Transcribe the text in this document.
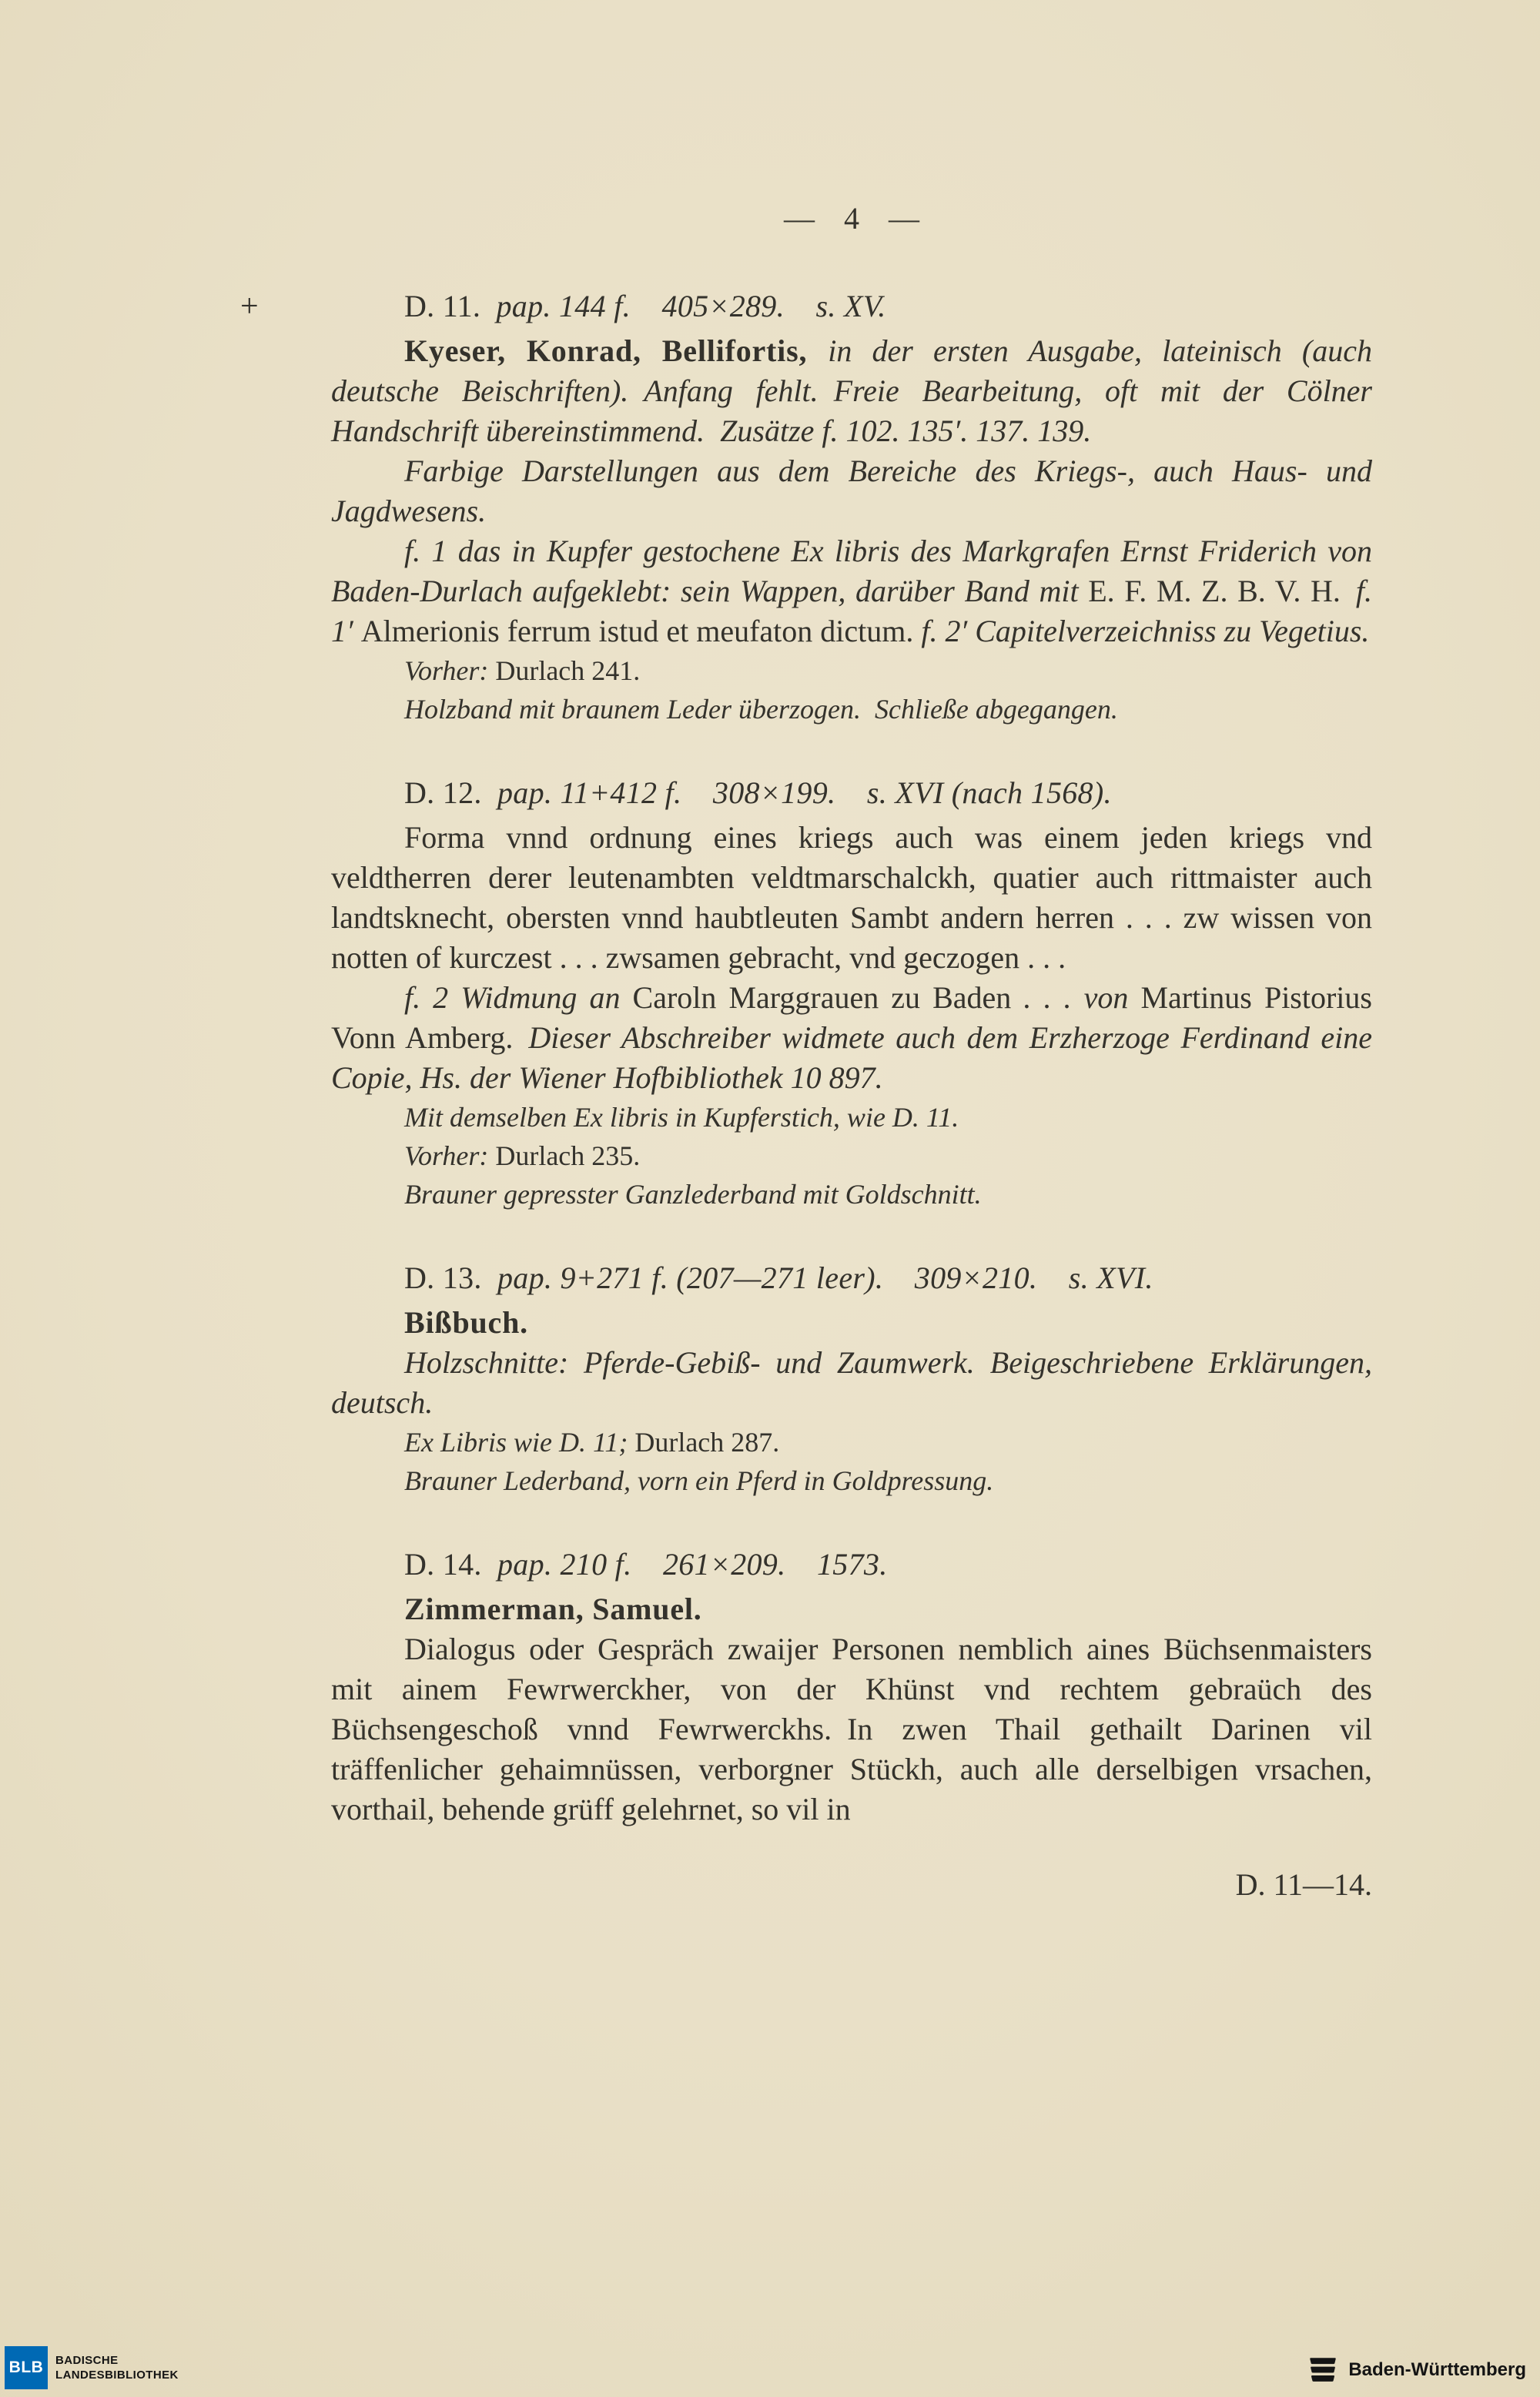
— 4 —
+	D. 11. pap. 144 f.  405×289.  s. XV.

Kyeser, Konrad, Bellifortis, in der ersten Ausgabe, lateinisch (auch deutsche Beischriften). Anfang fehlt. Freie Bearbeitung, oft mit der Cölner Handschrift übereinstimmend. Zusätze f. 102. 135′. 137. 139.

Farbige Darstellungen aus dem Bereiche des Kriegs-, auch Haus- und Jagdwesens.

f. 1 das in Kupfer gestochene Ex libris des Markgrafen Ernst Friderich von Baden-Durlach aufgeklebt: sein Wappen, darüber Band mit E. F. M. Z. B. V. H. f. 1′ Almerionis ferrum istud et meufaton dictum. f. 2′ Capitelverzeichniss zu Vegetius.

Vorher: Durlach 241.

Holzband mit braunem Leder überzogen. Schließe abgegangen.

D. 12. pap. 11+412 f.  308×199.  s. XVI (nach 1568).

Forma vnnd ordnung eines kriegs auch was einem jeden kriegs vnd veldtherren derer leutenambten veldtmarschalckh, quatier auch rittmaister auch landtsknecht, obersten vnnd haubtleuten Sambt andern herren . . . zw wissen von notten of kurczest . . . zwsamen gebracht, vnd geczogen . . .

f. 2 Widmung an Caroln Marggrauen zu Baden . . . von Martinus Pistorius Vonn Amberg. Dieser Abschreiber widmete auch dem Erzherzoge Ferdinand eine Copie, Hs. der Wiener Hofbibliothek 10 897.

Mit demselben Ex libris in Kupferstich, wie D. 11.

Vorher: Durlach 235.

Brauner gepresster Ganzlederband mit Goldschnitt.

D. 13. pap. 9+271 f. (207—271 leer).  309×210.  s. XVI.

Bißbuch.

Holzschnitte: Pferde-Gebiß- und Zaumwerk. Beigeschriebene Erklärungen, deutsch.

Ex Libris wie D. 11; Durlach 287.

Brauner Lederband, vorn ein Pferd in Goldpressung.

D. 14. pap. 210 f.  261×209.  1573.

Zimmerman, Samuel.

Dialogus oder Gespräch zwaijer Personen nemblich aines Büchsenmaisters mit ainem Fewrwerckher, von der Khünst vnd rechtem gebraüch des Büchsengeschoß vnnd Fewrwerckhs. In zwen Thail gethailt Darinen vil träffenlicher gehaimnüssen, verborgner Stückh, auch alle derselbigen vrsachen, vorthail, behende grüff gelehrnet, so vil in

D. 11—14.
BLB BADISCHE
LANDESBIBLIOTHEK	Baden-Württemberg
